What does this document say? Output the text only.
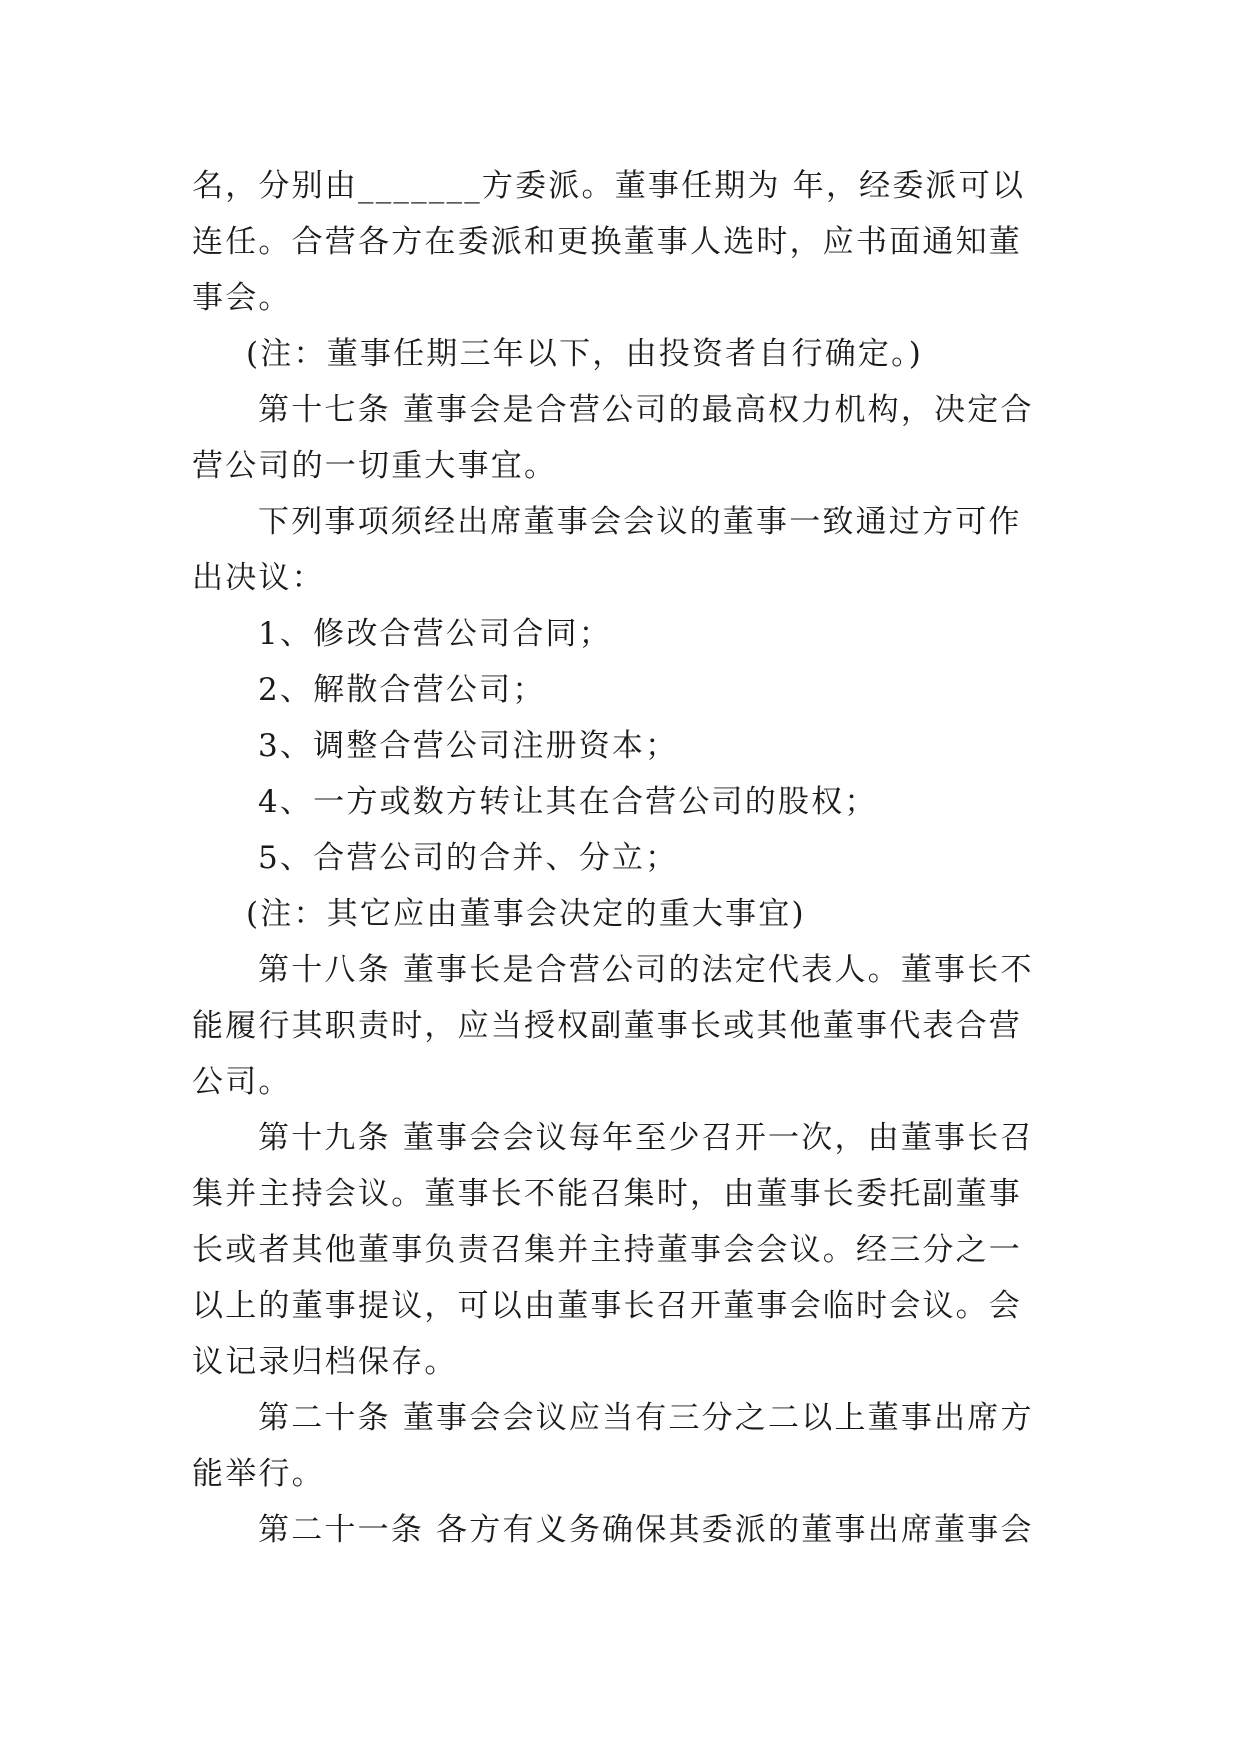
名，分别由_______方委派。董事任期为 年，经委派可以连任。合营各方在委派和更换董事人选时，应书面通知董事会。

(注：董事任期三年以下，由投资者自行确定。)

第十七条 董事会是合营公司的最高权力机构，决定合营公司的一切重大事宜。

下列事项须经出席董事会会议的董事一致通过方可作出决议：

1、修改合营公司合同；

2、解散合营公司；

3、调整合营公司注册资本；

4、一方或数方转让其在合营公司的股权；

5、合营公司的合并、分立；

(注：其它应由董事会决定的重大事宜)

第十八条 董事长是合营公司的法定代表人。董事长不能履行其职责时，应当授权副董事长或其他董事代表合营公司。

第十九条 董事会会议每年至少召开一次，由董事长召集并主持会议。董事长不能召集时，由董事长委托副董事长或者其他董事负责召集并主持董事会会议。经三分之一以上的董事提议，可以由董事长召开董事会临时会议。会议记录归档保存。

第二十条 董事会会议应当有三分之二以上董事出席方能举行。

第二十一条 各方有义务确保其委派的董事出席董事会
